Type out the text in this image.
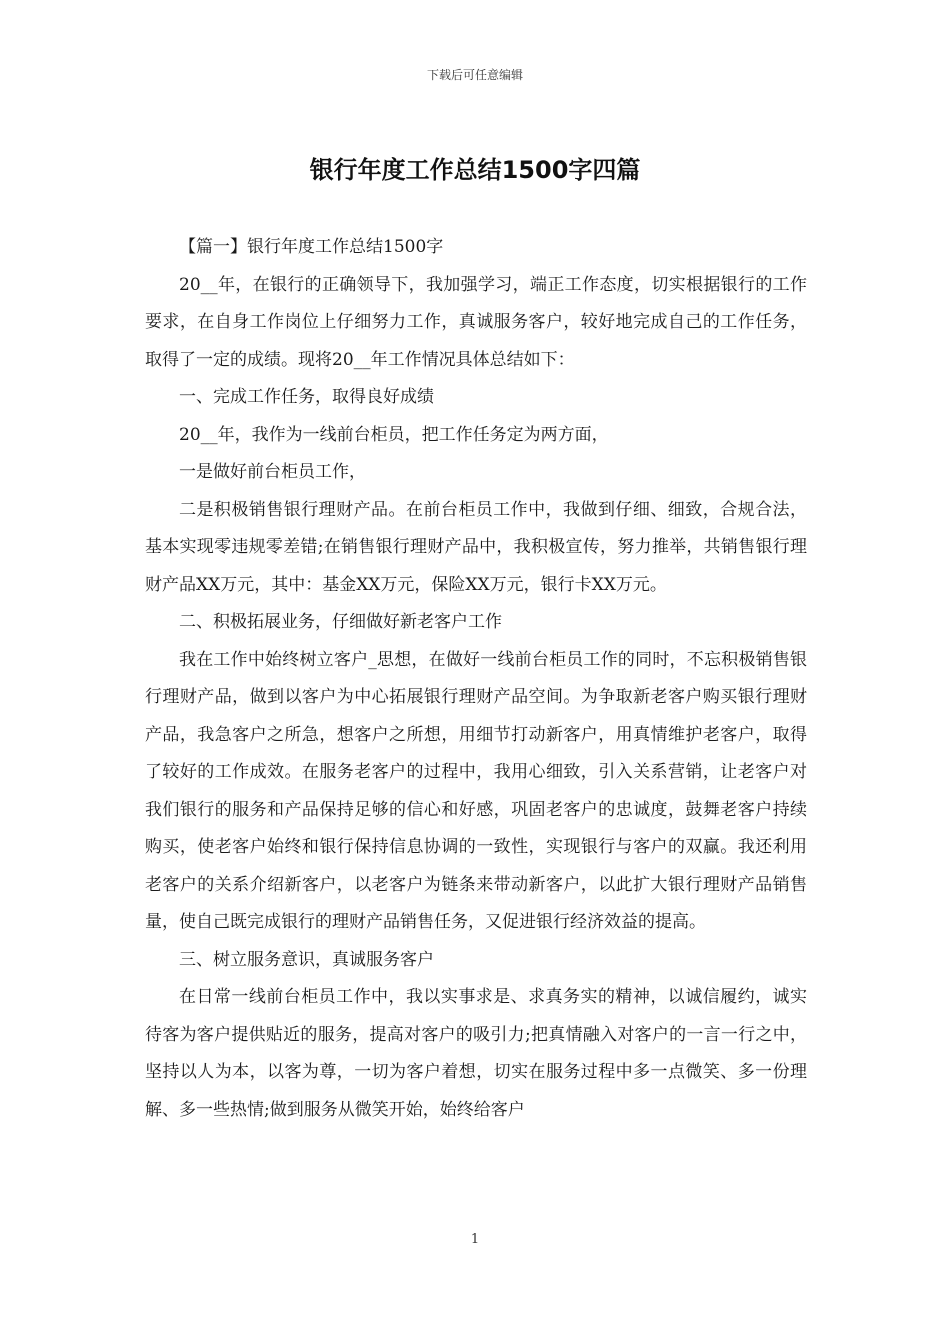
下载后可任意编辑
银行年度工作总结1500字四篇

【篇一】银行年度工作总结1500字

20__年，在银行的正确领导下，我加强学习，端正工作态度，切实根据银行的工作要求，在自身工作岗位上仔细努力工作，真诚服务客户，较好地完成自己的工作任务，取得了一定的成绩。现将20__年工作情况具体总结如下：

一、完成工作任务，取得良好成绩

20__年，我作为一线前台柜员，把工作任务定为两方面，

一是做好前台柜员工作，

二是积极销售银行理财产品。在前台柜员工作中，我做到仔细、细致，合规合法，基本实现零违规零差错;在销售银行理财产品中，我积极宣传，努力推举，共销售银行理财产品XX万元，其中：基金XX万元，保险XX万元，银行卡XX万元。

二、积极拓展业务，仔细做好新老客户工作

我在工作中始终树立客户_思想，在做好一线前台柜员工作的同时，不忘积极销售银行理财产品，做到以客户为中心拓展银行理财产品空间。为争取新老客户购买银行理财产品，我急客户之所急，想客户之所想，用细节打动新客户，用真情维护老客户，取得了较好的工作成效。在服务老客户的过程中，我用心细致，引入关系营销，让老客户对我们银行的服务和产品保持足够的信心和好感，巩固老客户的忠诚度，鼓舞老客户持续购买，使老客户始终和银行保持信息协调的一致性，实现银行与客户的双赢。我还利用老客户的关系介绍新客户，以老客户为链条来带动新客户，以此扩大银行理财产品销售量，使自己既完成银行的理财产品销售任务，又促进银行经济效益的提高。

三、树立服务意识，真诚服务客户

在日常一线前台柜员工作中，我以实事求是、求真务实的精神，以诚信履约，诚实待客为客户提供贴近的服务，提高对客户的吸引力;把真情融入对客户的一言一行之中，坚持以人为本，以客为尊，一切为客户着想，切实在服务过程中多一点微笑、多一份理解、多一些热情;做到服务从微笑开始，始终给客户

1
